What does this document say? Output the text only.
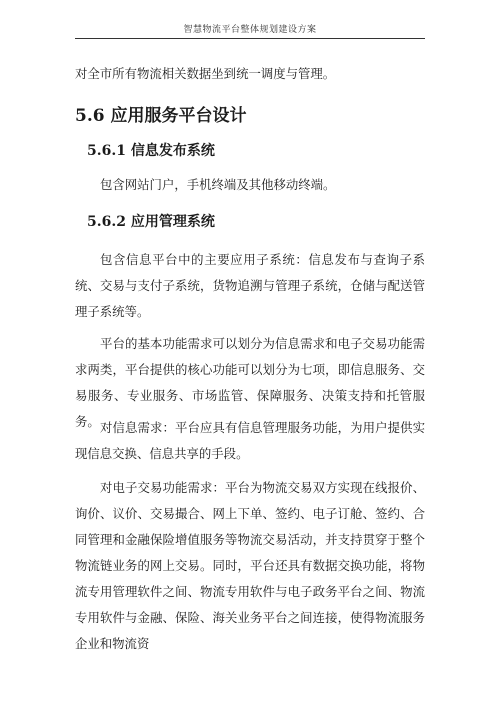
智慧物流平台整体规划建设方案

对全市所有物流相关数据坐到统一调度与管理。

5.6 应用服务平台设计
5.6.1 信息发布系统

包含网站门户，手机终端及其他移动终端。

5.6.2 应用管理系统

包含信息平台中的主要应用子系统：信息发布与查询子系统、交易与支付子系统，货物追溯与管理子系统，仓储与配送管理子系统等。

平台的基本功能需求可以划分为信息需求和电子交易功能需求两类，平台提供的核心功能可以划分为七项，即信息服务、交易服务、专业服务、市场监管、保障服务、决策支持和托管服务。 对信息需求：平台应具有信息管理服务功能，为用户提供实现信息交换、信息共享的手段。

对电子交易功能需求：平台为物流交易双方实现在线报价、询价、议价、交易撮合、网上下单、签约、电子订舱、签约、合同管理和金融保险增值服务等物流交易活动，并支持贯穿于整个物流链业务的网上交易。同时，平台还具有数据交换功能，将物流专用管理软件之间、物流专用软件与电子政务平台之间、物流专用软件与金融、保险、海关业务平台之间连接，使得物流服务企业和物流资
